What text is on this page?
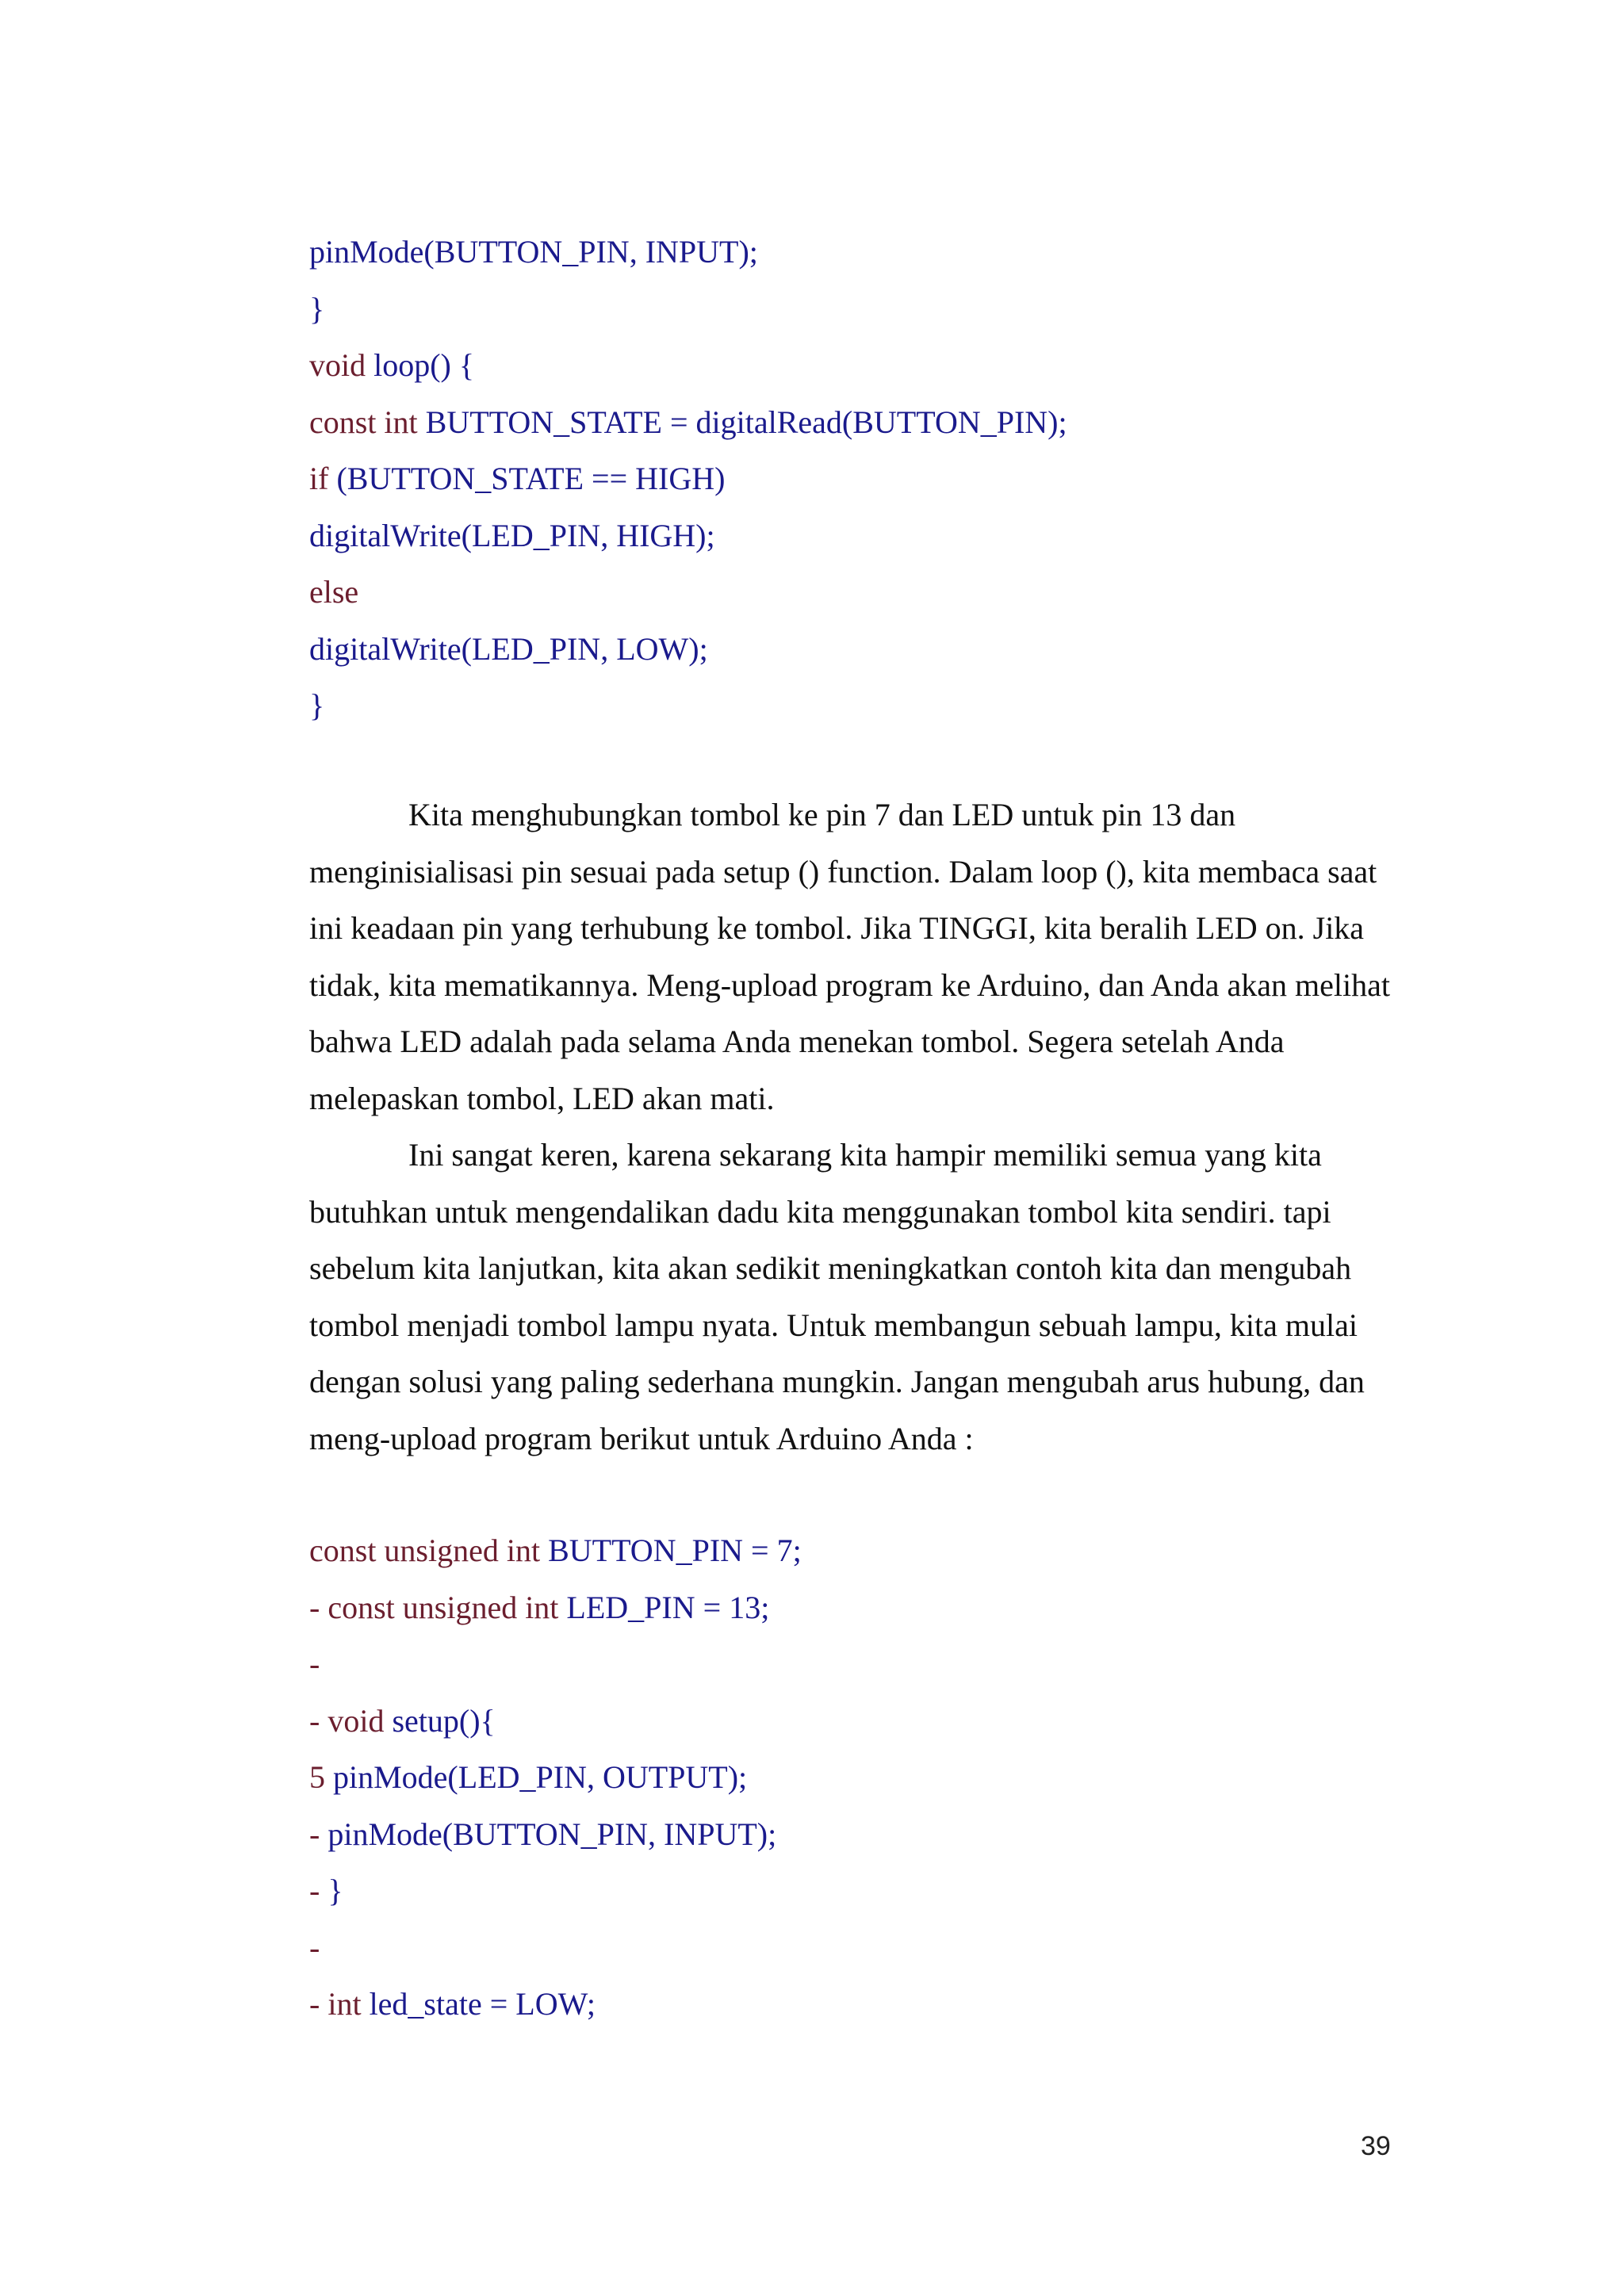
pinMode(BUTTON_PIN, INPUT);
}
void loop() {
const int BUTTON_STATE = digitalRead(BUTTON_PIN);
if (BUTTON_STATE == HIGH)
digitalWrite(LED_PIN, HIGH);
else
digitalWrite(LED_PIN, LOW);
}

Kita menghubungkan tombol ke pin 7 dan LED untuk pin 13 dan menginisialisasi pin sesuai pada setup () function. Dalam loop (), kita membaca saat ini keadaan pin yang terhubung ke tombol. Jika TINGGI, kita beralih LED on. Jika tidak, kita mematikannya. Meng-upload program ke Arduino, dan Anda akan melihat bahwa LED adalah pada selama Anda menekan tombol. Segera setelah Anda melepaskan tombol, LED akan mati.

Ini sangat keren, karena sekarang kita hampir memiliki semua yang kita butuhkan untuk mengendalikan dadu kita menggunakan tombol kita sendiri. tapi sebelum kita lanjutkan, kita akan sedikit meningkatkan contoh kita dan mengubah tombol menjadi tombol lampu nyata. Untuk membangun sebuah lampu, kita mulai dengan solusi yang paling sederhana mungkin. Jangan mengubah arus hubung, dan meng-upload program berikut untuk Arduino Anda :

const unsigned int BUTTON_PIN = 7;
- const unsigned int LED_PIN = 13;
-
- void setup(){
5 pinMode(LED_PIN, OUTPUT);
- pinMode(BUTTON_PIN, INPUT);
- }
-
- int led_state = LOW;
39
